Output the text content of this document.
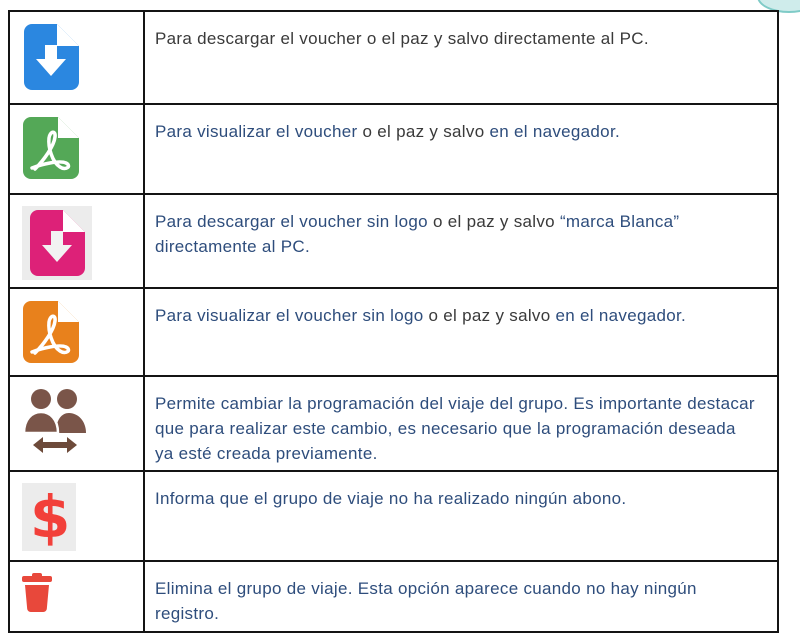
Para descargar el voucher o el paz y salvo directamente al PC.

Para visualizar el voucher o el paz y salvo en el navegador.

Para descargar el voucher sin logo o el paz y salvo “marca Blanca” directamente al PC.

Para visualizar el voucher sin logo o el paz y salvo en el navegador.

Permite cambiar la programación del viaje del grupo. Es importante destacar que para realizar este cambio, es necesario que la programación deseada ya esté creada previamente.

$	Informa que el grupo de viaje no ha realizado ningún abono.

Elimina el grupo de viaje. Esta opción aparece cuando no hay ningún registro.
